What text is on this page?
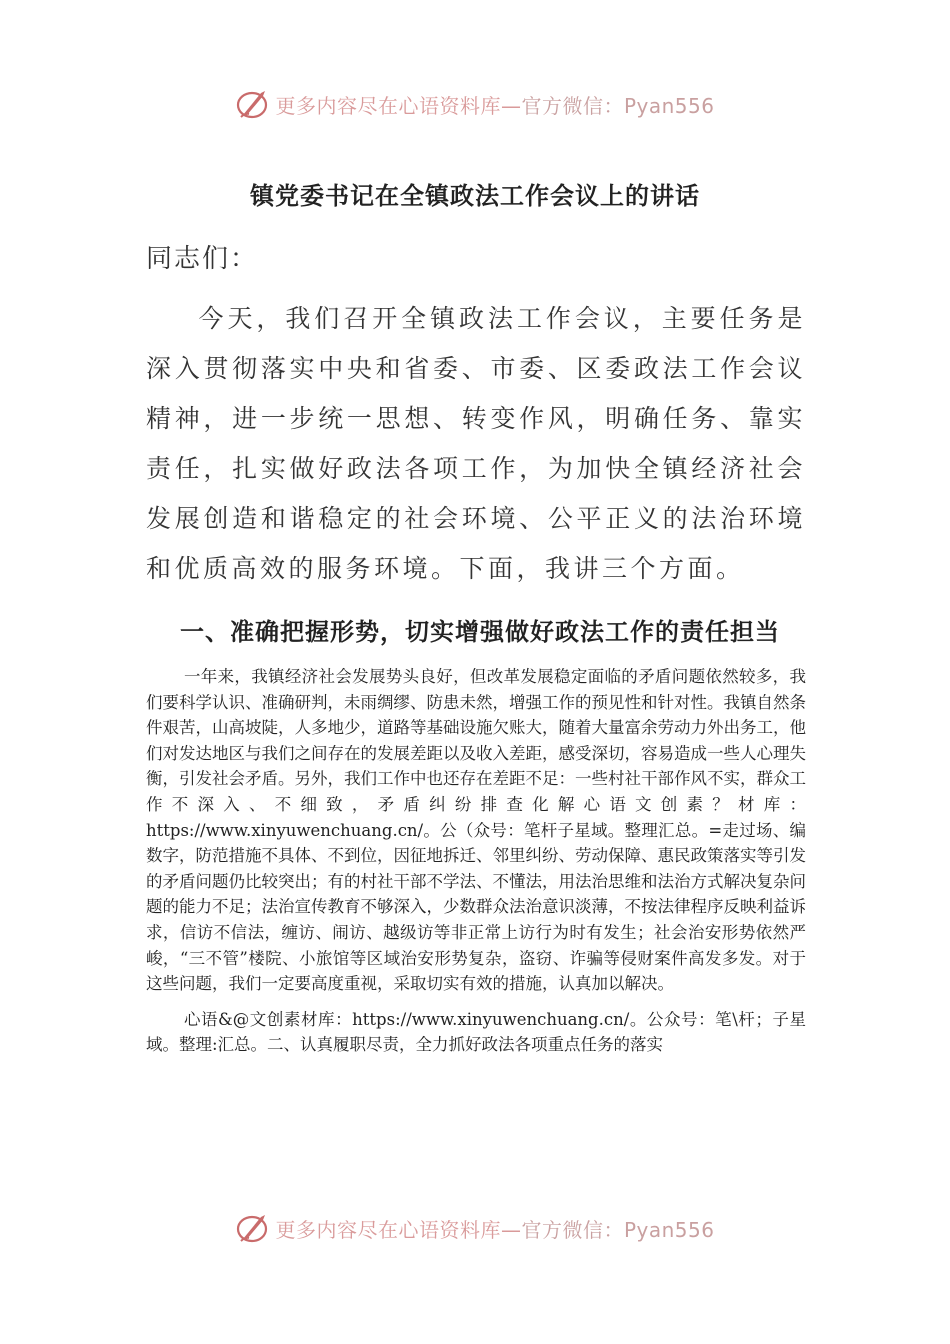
更多内容尽在心语资料库—官方微信：Pyan556
镇党委书记在全镇政法工作会议上的讲话
同志们：

今天，我们召开全镇政法工作会议，主要任务是深入贯彻落实中央和省委、市委、区委政法工作会议精神，进一步统一思想、转变作风，明确任务、靠实责任，扎实做好政法各项工作，为加快全镇经济社会发展创造和谐稳定的社会环境、公平正义的法治环境和优质高效的服务环境。下面，我讲三个方面。

一、准确把握形势，切实增强做好政法工作的责任担当

一年来，我镇经济社会发展势头良好，但改革发展稳定面临的矛盾问题依然较多，我们要科学认识、准确研判，未雨绸缪、防患未然，增强工作的预见性和针对性。我镇自然条件艰苦，山高坡陡，人多地少，道路等基础设施欠账大，随着大量富余劳动力外出务工，他们对发达地区与我们之间存在的发展差距以及收入差距，感受深切，容易造成一些人心理失衡，引发社会矛盾。另外，我们工作中也还存在差距不足：一些村社干部作风不实，群众工作不深入、不细致，矛盾纠纷排查化解心语文创素？材库：https://www.xinyuwenchuang.cn/。公（众号：笔杆子星域。整理汇总。=走过场、编数字，防范措施不具体、不到位，因征地拆迁、邻里纠纷、劳动保障、惠民政策落实等引发的矛盾问题仍比较突出；有的村社干部不学法、不懂法，用法治思维和法治方式解决复杂问题的能力不足；法治宣传教育不够深入，少数群众法治意识淡薄，不按法律程序反映利益诉求，信访不信法，缠访、闹访、越级访等非正常上访行为时有发生；社会治安形势依然严峻，“三不管”楼院、小旅馆等区域治安形势复杂，盗窃、诈骗等侵财案件高发多发。对于这些问题，我们一定要高度重视，采取切实有效的措施，认真加以解决。

心语&@文创素材库：https://www.xinyuwenchuang.cn/。公众号：笔\杆；子星域。整理:汇总。二、认真履职尽责，全力抓好政法各项重点任务的落实

更多内容尽在心语资料库—官方微信：Pyan556
